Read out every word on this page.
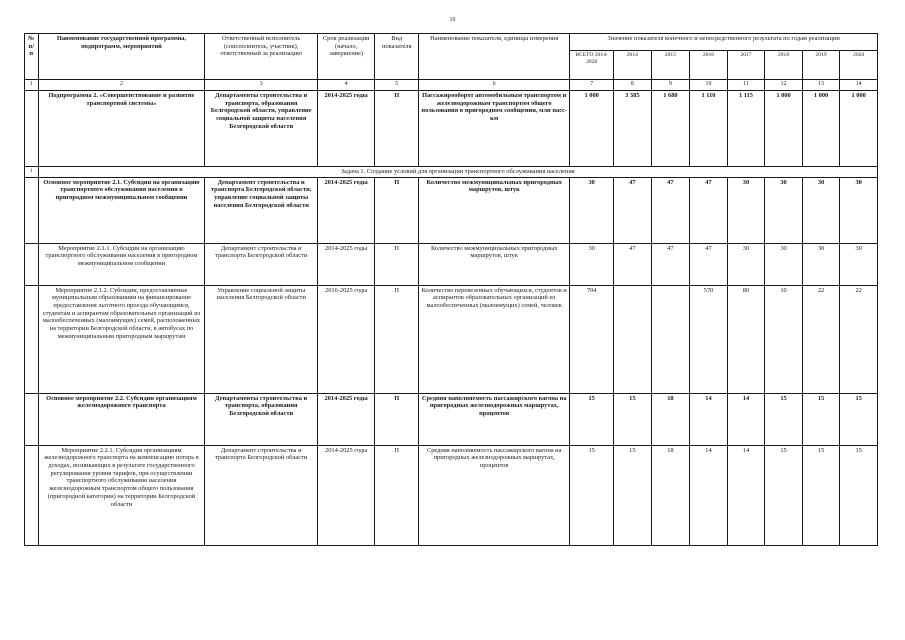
16
№ п/п	Наименование государственной программы, подпрограмм, мероприятий	Ответственный исполнитель (соисполнитель, участник), ответственный за реализацию	Срок реализации (начало, завершение)	Вид показателя	Наименование показателя, единицы измерения	Значение показателя конечного и непосредственного результата по годам реализации							
						ВСЕГО 2014-2020	2014	2015	2016	2017	2018	2019	2020
1	2	3	4	5	6	7	8	9	10	11	12	13	14
	Подпрограмма 2. «Совершенствование и развитие транспортной системы»	Департаменты строительства и транспорта, образования Белгородской области, управление социальной защиты населения Белгородской области	2014-2025 годы	П	Пассажирооборот автомобильным транспортом и железнодорожным транспортом общего пользования в пригородном сообщении, млн пасс-км	1 000	3 385	1 680	1 110	1 115	1 000	1 000	1 000
1	Задача 1. Создание условий для организации транспортного обслуживания населения												
	Основное мероприятие 2.1. Субсидии на организацию транспортного обслуживания населения в пригородном межмуниципальном сообщении	Департамент строительства и транспорта Белгородской области, управление социальной защиты населения Белгородской области	2014-2025 годы	П	Количество межмуниципальных пригородных маршрутов, штук	30	47	47	47	30	30	30	30
	Мероприятие 2.1.1. Субсидии на организацию транспортного обслуживания населения в пригородном межмуниципальном сообщении	Департамент строительства и транспорта Белгородской области	2014-2025 годы	П	Количество межмуниципальных пригородных маршрутов, штук	30	47	47	47	30	30	30	30
	Мероприятие 2.1.2. Субсидии, предоставляемые муниципальным образованиям на финансирование предоставления льготного проезда обучающимся, студентам и аспирантам образовательных организаций из малообеспеченных (малоимущих) семей, расположенных на территории Белгородской области, в автобусах по межмуниципальным пригородным маршрутам	Управление социальной защиты населения Белгородской области	2016-2025 годы	П	Количество перевезенных обучающихся, студентов и аспирантов образовательных организаций из малообеспеченных (малоимущих) семей, человек	704			570	80	10	22	22
	Основное мероприятие 2.2. Субсидии организациям железнодорожного транспорта	Департаменты строительства и транспорта, образования Белгородской области	2014-2025 годы	П	Средняя наполняемость пассажирского вагона на пригородных железнодорожных маршрутах, процентов	15	15	18	14	14	15	15	15
	Мероприятие 2.2.1. Субсидия организациям железнодорожного транспорта на компенсацию потерь в доходах, возникающих в результате государственного регулирования уровня тарифов, при осуществлении транспортного обслуживания населения железнодорожным транспортом общего пользования (пригородной категории) на территории Белгородской области	Департамент строительства и транспорта Белгородской области	2014-2025 годы	П	Средняя наполняемость пассажирского вагона на пригородных железнодорожных маршрутах, процентов	15	15	18	14	14	15	15	15
